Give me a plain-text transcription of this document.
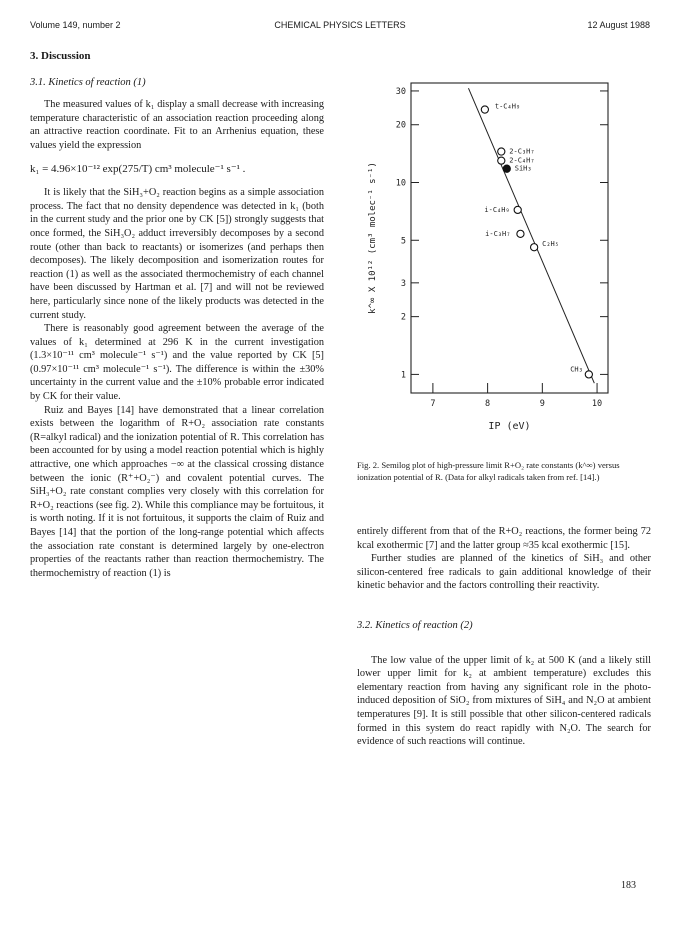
Volume 149, number 2	CHEMICAL PHYSICS LETTERS	12 August 1988
3. Discussion
3.1. Kinetics of reaction (1)

The measured values of k₁ display a small decrease with increasing temperature characteristic of an association reaction proceeding along an attractive reaction coordinate. Fit to an Arrhenius equation, these values yield the expression

k₁ = 4.96×10⁻¹² exp(275/T) cm³ molecule⁻¹ s⁻¹ .

It is likely that the SiH₃+O₂ reaction begins as a simple association process. The fact that no density dependence was detected in k₁ (both in the current study and the prior one by CK [5]) strongly suggests that once formed, the SiH₃O₂ adduct irreversibly decomposes by a second route (other than back to reactants) or isomerizes (and perhaps then decomposes). The likely decomposition and isomerization routes for reaction (1) as well as the associated thermochemistry of each channel have been discussed by Hartman et al. [7] and will not be reviewed here, particularly since none of the likely products was detected in the current study.

There is reasonably good agreement between the average of the values of k₁ determined at 296 K in the current investigation (1.3×10⁻¹¹ cm³ molecule⁻¹ s⁻¹) and the value reported by CK [5] (0.97×10⁻¹¹ cm³ molecule⁻¹ s⁻¹). The difference is within the ±30% uncertainty in the current value and the ±10% probable error indicated by CK for their value.

Ruiz and Bayes [14] have demonstrated that a linear correlation exists between the logarithm of R+O₂ association rate constants (R=alkyl radical) and the ionization potential of R. This correlation has been accounted for by using a model reaction potential which is highly attractive, one which approaches −∞ at the classical crossing distance between the ionic (R⁺+O₂⁻) and covalent potential curves. The SiH₃+O₂ rate constant complies very closely with this correlation for R+O₂ reactions (see fig. 2). While this compliance may be fortuitous, it is worth noting. If it is not fortuitous, it supports the claim of Ruiz and Bayes [14] that the portion of the long-range potential which affects the association rate constant is determined largely by one-electron properties of the reactants rather than reaction thermochemistry. The thermochemistry of reaction (1) is

1
2
3
5
10
20
30
7	8	9	10
IP (eV)
k^∞ X 10¹² (cm³ molec⁻¹ s⁻¹)
t-C₄H₉
2-C₃H₇
2-C₄H₇
SiH₃
i-C₄H₉
i-C₃H₇
C₂H₅
CH₃
Fig. 2. Semilog plot of high-pressure limit R+O₂ rate constants (k^∞) versus ionization potential of R. (Data for alkyl radicals taken from ref. [14].)

entirely different from that of the R+O₂ reactions, the former being 72 kcal exothermic [7] and the latter group ≈35 kcal exothermic [15].

Further studies are planned of the kinetics of SiH₃ and other silicon-centered free radicals to gain additional knowledge of their kinetic behavior and the factors controlling their reactivity.

3.2. Kinetics of reaction (2)

The low value of the upper limit of k₂ at 500 K (and a likely still lower upper limit for k₂ at ambient temperature) excludes this elementary reaction from having any significant role in the photo-induced deposition of SiO₂ from mixtures of SiH₄ and N₂O at ambient temperatures [9]. It is still possible that other silicon-centered radicals formed in this system do react rapidly with N₂O. The search for evidence of such reactions will continue.

183
